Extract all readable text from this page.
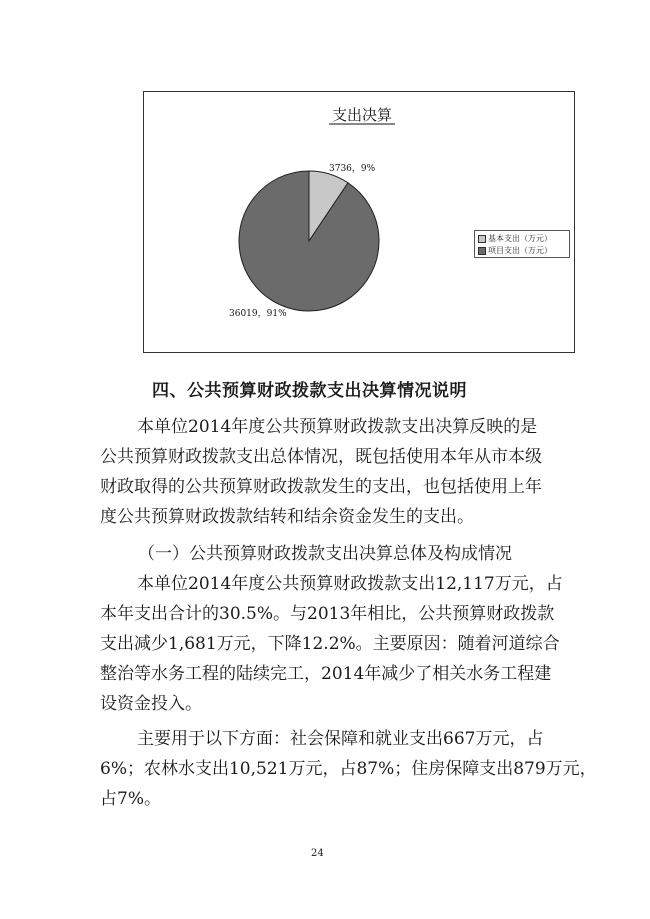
支出决算
3736，9%
36019，91%
基本支出（万元）
项目支出（万元）
四、公共预算财政拨款支出决算情况说明
本单位2014年度公共预算财政拨款支出决算反映的是
公共预算财政拨款支出总体情况，既包括使用本年从市本级
财政取得的公共预算财政拨款发生的支出，也包括使用上年
度公共预算财政拨款结转和结余资金发生的支出。
（一）公共预算财政拨款支出决算总体及构成情况
本单位2014年度公共预算财政拨款支出12,117万元，占
本年支出合计的30.5%。与2013年相比，公共预算财政拨款
支出减少1,681万元，下降12.2%。主要原因：随着河道综合
整治等水务工程的陆续完工，2014年减少了相关水务工程建
设资金投入。
主要用于以下方面：社会保障和就业支出667万元，占
6%；农林水支出10,521万元，占87%；住房保障支出879万元，
占7%。
24
